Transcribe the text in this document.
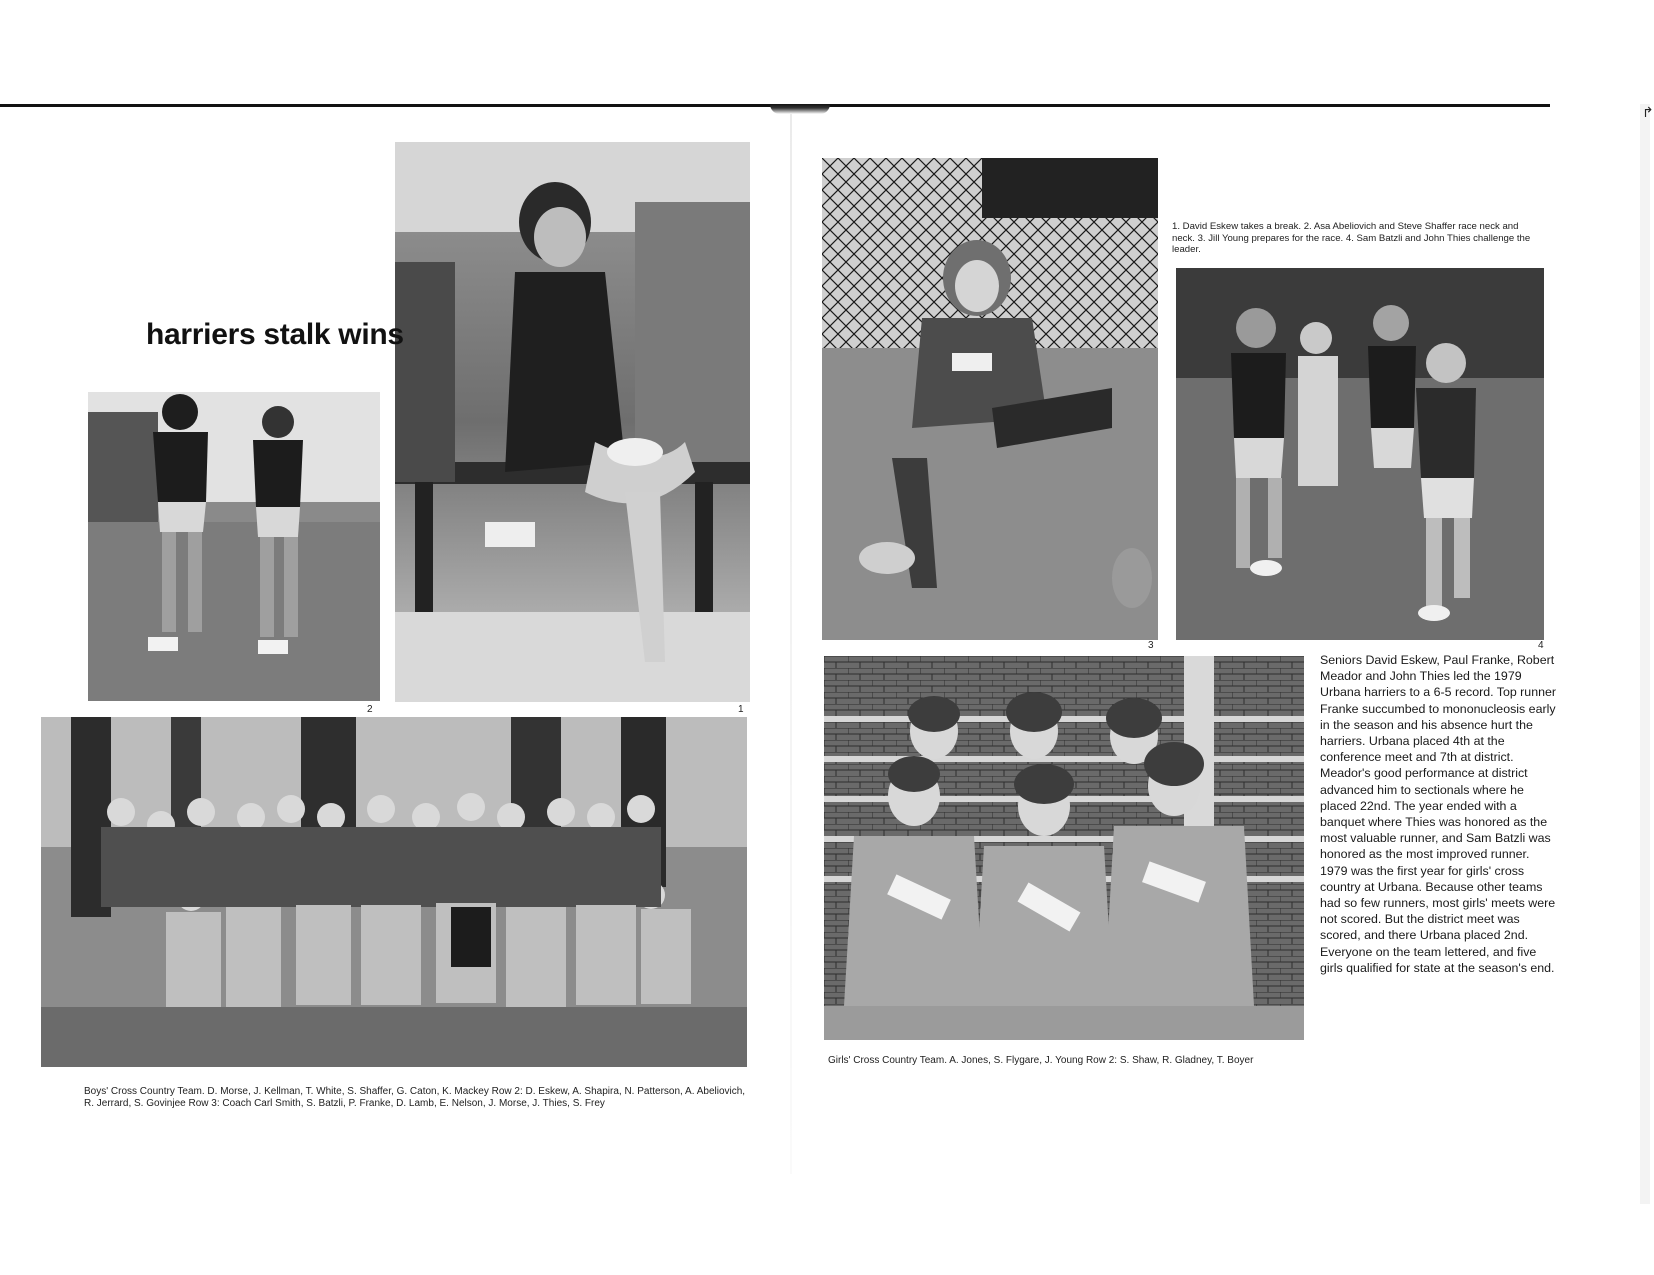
↱
1
2
harriers stalk wins
Boys' Cross Country Team. D. Morse, J. Kellman, T. White, S. Shaffer, G. Caton, K. Mackey Row 2: D. Eskew, A. Shapira, N. Patterson, A. Abeliovich, R. Jerrard, S. Govinjee Row 3: Coach Carl Smith, S. Batzli, P. Franke, D. Lamb, E. Nelson, J. Morse, J. Thies, S. Frey
3	4
1. David Eskew takes a break. 2. Asa Abeliovich and Steve Shaffer race neck and neck. 3. Jill Young prepares for the race. 4. Sam Batzli and John Thies challenge the leader.
Girls' Cross Country Team. A. Jones, S. Flygare, J. Young Row 2: S. Shaw, R. Gladney, T. Boyer
Seniors David Eskew, Paul Franke, Robert Meador and John Thies led the 1979 Urbana harriers to a 6-5 record. Top runner Franke succumbed to mononucleosis early in the season and his absence hurt the harriers. Urbana placed 4th at the conference meet and 7th at district. Meador's good performance at district advanced him to sectionals where he placed 22nd. The year ended with a banquet where Thies was honored as the most valuable runner, and Sam Batzli was honored as the most improved runner. 1979 was the first year for girls' cross country at Urbana. Because other teams had so few runners, most girls' meets were not scored. But the district meet was scored, and there Urbana placed 2nd. Everyone on the team lettered, and five girls qualified for state at the season's end.
